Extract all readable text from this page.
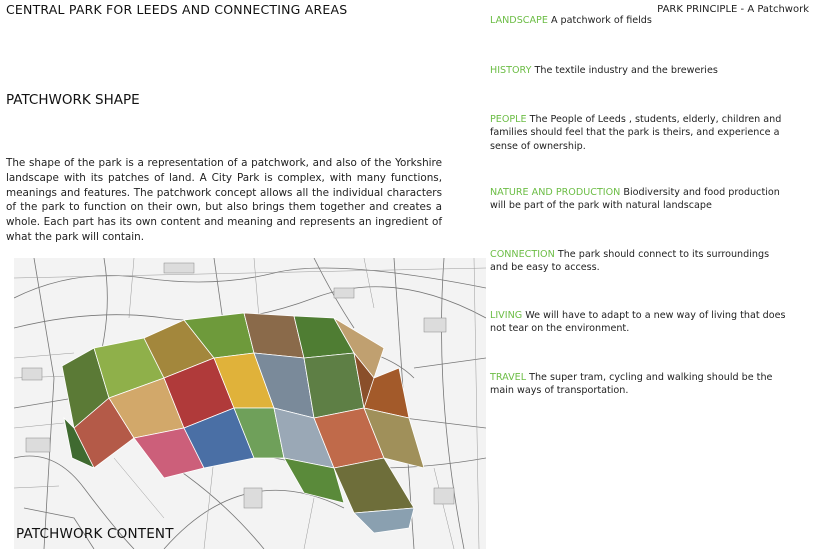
CENTRAL PARK FOR LEEDS AND CONNECTING AREAS	PARK PRINCIPLE - A Patchwork
PATCHWORK SHAPE
The shape of the park is a representation of a patchwork, and also of the Yorkshire landscape with its patches of land. A City Park is complex, with many functions, meanings and features. The patchwork concept allows all the individual characters of the park to function on their own, but also brings them together and creates a whole. Each part has its own content and meaning and represents an ingredient of what the park will contain.
PATCHWORK CONTENT
LANDSCAPE A patchwork of fields
HISTORY The textile industry and the breweries
PEOPLE The People of Leeds , students, elderly, children and families should feel that the park is theirs, and experience a sense of ownership.
NATURE AND PRODUCTION Biodiversity and food production will be part of the park with natural landscape
CONNECTION The park should connect to its surroundings and be easy to access.
LIVING We will have to adapt to a new way of living that does not tear on the environment.
TRAVEL The super tram, cycling and walking should be the main ways of transportation.
